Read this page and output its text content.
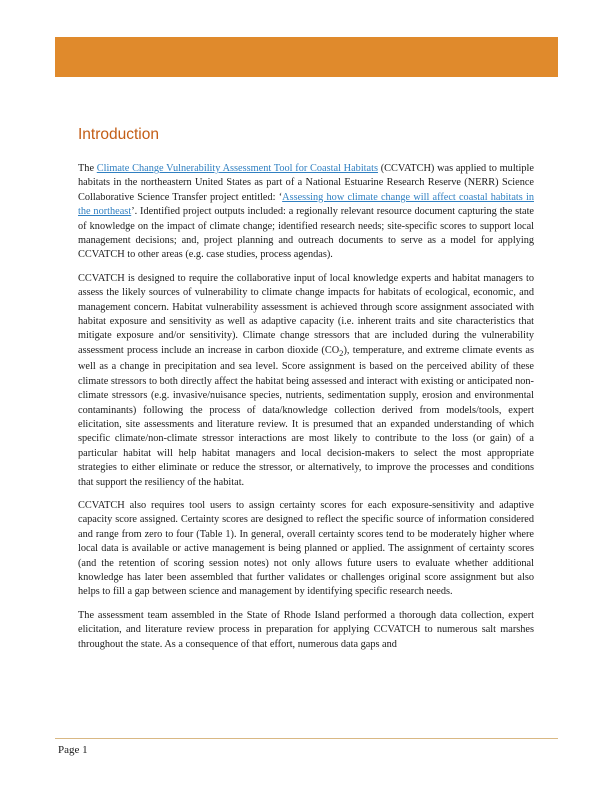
Introduction

The Climate Change Vulnerability Assessment Tool for Coastal Habitats (CCVATCH) was applied to multiple habitats in the northeastern United States as part of a National Estuarine Research Reserve (NERR) Science Collaborative Science Transfer project entitled: ‘Assessing how climate change will affect coastal habitats in the northeast’. Identified project outputs included: a regionally relevant resource document capturing the state of knowledge on the impact of climate change; identified research needs; site-specific scores to support local management decisions; and, project planning and outreach documents to serve as a model for applying CCVATCH to other areas (e.g. case studies, process agendas).

CCVATCH is designed to require the collaborative input of local knowledge experts and habitat managers to assess the likely sources of vulnerability to climate change impacts for habitats of ecological, economic, and management concern. Habitat vulnerability assessment is achieved through score assignment associated with habitat exposure and sensitivity as well as adaptive capacity (i.e. inherent traits and site characteristics that mitigate exposure and/or sensitivity). Climate change stressors that are included during the vulnerability assessment process include an increase in carbon dioxide $(CO_2)$, temperature, and extreme climate events as well as a change in precipitation and sea level. Score assignment is based on the perceived ability of these climate stressors to both directly affect the habitat being assessed and interact with existing or anticipated non-climate stressors (e.g. invasive/nuisance species, nutrients, sedimentation supply, erosion and environmental contaminants) following the process of data/knowledge collection derived from models/tools, expert elicitation, site assessments and literature review. It is presumed that an expanded understanding of which specific climate/non-climate stressor interactions are most likely to contribute to the loss (or gain) of a particular habitat will help habitat managers and local decision-makers to select the most appropriate strategies to either eliminate or reduce the stressor, or alternatively, to improve the processes and conditions that support the resiliency of the habitat.

CCVATCH also requires tool users to assign certainty scores for each exposure-sensitivity and adaptive capacity score assigned. Certainty scores are designed to reflect the specific source of information considered and range from zero to four (Table 1). In general, overall certainty scores tend to be moderately higher where local data is available or active management is being planned or applied. The assignment of certainty scores (and the retention of scoring session notes) not only allows future users to evaluate whether additional knowledge has later been assembled that further validates or challenges original score assignment but also helps to fill a gap between science and management by identifying specific research needs.

The assessment team assembled in the State of Rhode Island performed a thorough data collection, expert elicitation, and literature review process in preparation for applying CCVATCH to numerous salt marshes throughout the state. As a consequence of that effort, numerous data gaps and

Page 1
